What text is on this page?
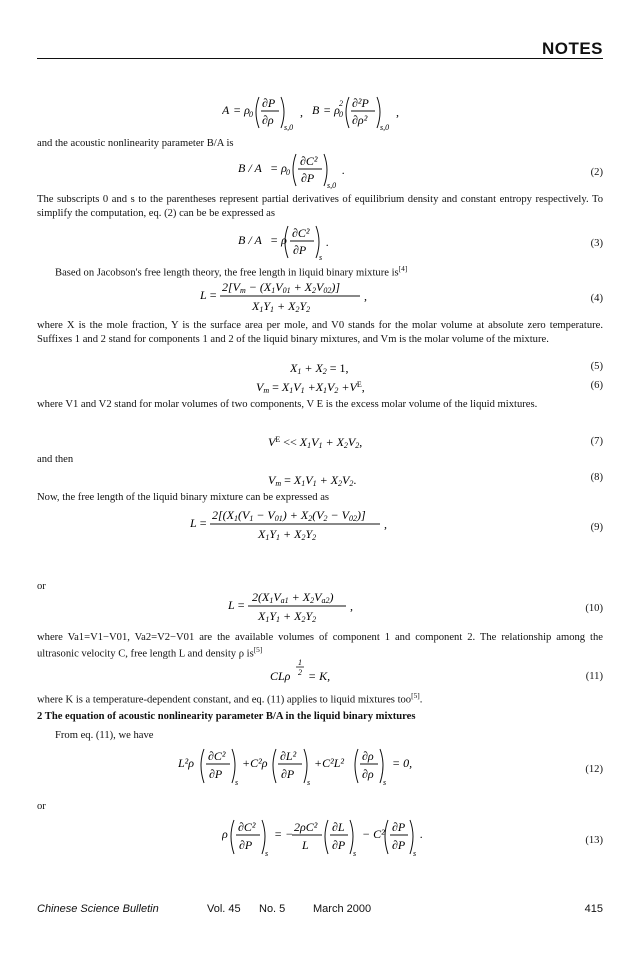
NOTES
A = ρ 0
∂P
∂ρ
s,0
, B = ρ 0
2 ∂²P
∂ρ²
s,0
,
and the acoustic nonlinearity parameter B/A is
B / A = ρ 0
∂C²
∂P
s,0
.	(2)
The subscripts 0 and s to the parentheses represent partial derivatives of equilibrium density and constant entropy respectively. To simplify the computation, eq. (2) can be be expressed as
B / A = ρ ∂C²
∂P
s
.	(3)
Based on Jacobson's free length theory, the free length in liquid binary mixture is[4]
L =
2[Vm − (X1V01 + X2V02)]
X1Y1 + X2Y2
,	(4)
where X is the mole fraction, Y is the surface area per mole, and V0 stands for the molar volume at absolute zero temperature. Suffixes 1 and 2 stand for components 1 and 2 of the liquid binary mixtures, and Vm is the molar volume of the mixture.
X1 + X2 = 1,	(5)
$Vm = X1V1 +X1V2 +V^E$,	(6)
where V1 and V2 stand for molar volumes of two components, V E is the excess molar volume of the liquid mixtures.
$V^E << X1V1 + X2V2$,	(7)
and then
Vm = X1V1 + X2V2.	(8)
Now, the free length of the liquid binary mixture can be expressed as
L =
2[(X1(V1 − V01) + X2(V2 − V02)]
X1Y1 + X2Y2
,	(9)
or
L =
2(X1Va1 + X2Va2)
X1Y1 + X2Y2
,	(10)
where Va1=V1−V01, Va2=V2−V01 are the available volumes of component 1 and component 2. The relationship among the ultrasonic velocity C, free length L and density ρ is[5]
CLρ
1
2 = K,	(11)
where K is a temperature-dependent constant, and eq. (11) applies to liquid mixtures too[5].
2 The equation of acoustic nonlinearity parameter B/A in the liquid binary mixtures
From eq. (11), we have
L²ρ ∂C²
∂P
s
+C²ρ ∂L²
∂P
s
+C²L² ∂ρ
∂ρ
s
= 0,	(12)
or
ρ ∂C²
∂P
s
= − 2ρC²
L
∂L
∂P
s
− C² ∂P
∂P
s
.	(13)
Chinese Science Bulletin	Vol. 45 No. 5	March 2000	415
